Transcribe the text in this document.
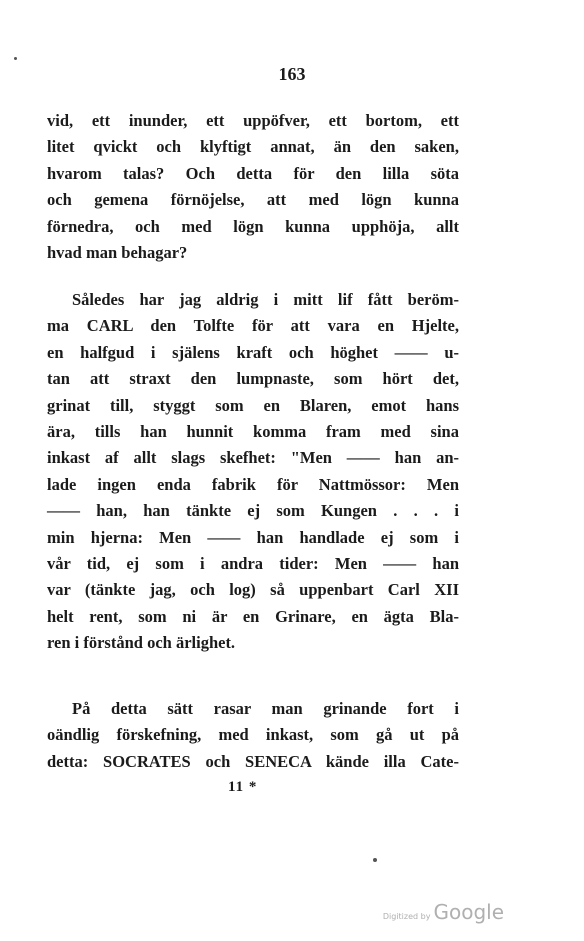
163
vid, ett inunder, ett uppöfver, ett bortom, ett
litet qvickt och klyftigt annat, än den saken,
hvarom talas? Och detta för den lilla söta
och gemena förnöjelse, att med lögn kunna
förnedra, och med lögn kunna upphöja, allt
hvad man behagar?
Således har jag aldrig i mitt lif fått beröm-
ma CARL den Tolfte för att vara en Hjelte,
en halfgud i själens kraft och höghet —— u-
tan att straxt den lumpnaste, som hört det,
grinat till, styggt som en Blaren, emot hans
ära, tills han hunnit komma fram med sina
inkast af allt slags skefhet: "Men —— han an-
lade ingen enda fabrik för Nattmössor: Men
—— han, han tänkte ej som Kungen . . . i
min hjerna: Men —— han handlade ej som i
vår tid, ej som i andra tider: Men —— han
var (tänkte jag, och log) så uppenbart Carl XII
helt rent, som ni är en Grinare, en ägta Bla-
ren i förstånd och ärlighet.
På detta sätt rasar man grinande fort i
oändlig förskefning, med inkast, som gå ut på
detta: SOCRATES och SENECA kände illa Cate-
11 *
Digitized by Google
